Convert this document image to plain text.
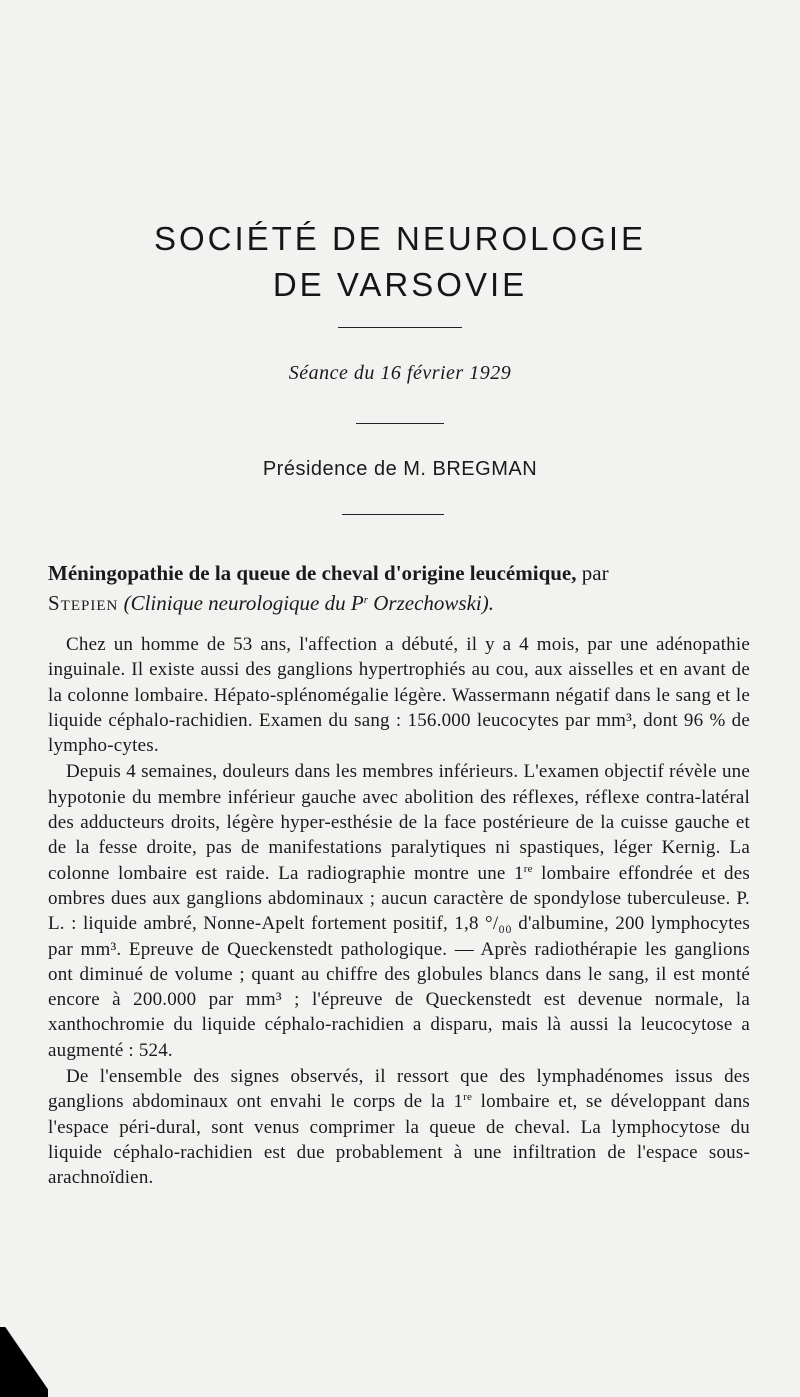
SOCIÉTÉ DE NEUROLOGIE
DE VARSOVIE
Séance du 16 février 1929
Présidence de M. BREGMAN
Méningopathie de la queue de cheval d'origine leucémique, par
Stepien (Clinique neurologique du $P^r$ Orzechowski).

Chez un homme de 53 ans, l'affection a débuté, il y a 4 mois, par une adénopathie inguinale. Il existe aussi des ganglions hypertrophiés au cou, aux aisselles et en avant de la colonne lombaire. Hépato-splénomégalie légère. Wassermann négatif dans le sang et le liquide céphalo-rachidien. Examen du sang : 156.000 leucocytes par mm³, dont 96 % de lympho-cytes.

Depuis 4 semaines, douleurs dans les membres inférieurs. L'examen objectif révèle une hypotonie du membre inférieur gauche avec abolition des réflexes, réflexe contra-latéral des adducteurs droits, légère hyper-esthésie de la face postérieure de la cuisse gauche et de la fesse droite, pas de manifestations paralytiques ni spastiques, léger Kernig. La colonne lombaire est raide. La radiographie montre une 1re lombaire effondrée et des ombres dues aux ganglions abdominaux ; aucun caractère de spondylose tuberculeuse. P. L. : liquide ambré, Nonne-Apelt fortement positif, 1,8 °/₀₀ d'albumine, 200 lymphocytes par mm³. Epreuve de Queckenstedt pathologique. — Après radiothérapie les ganglions ont diminué de volume ; quant au chiffre des globules blancs dans le sang, il est monté encore à 200.000 par mm³ ; l'épreuve de Queckenstedt est devenue normale, la xanthochromie du liquide céphalo-rachidien a disparu, mais là aussi la leucocytose a augmenté : 524.

De l'ensemble des signes observés, il ressort que des lymphadénomes issus des ganglions abdominaux ont envahi le corps de la 1re lombaire et, se développant dans l'espace péri-dural, sont venus comprimer la queue de cheval. La lymphocytose du liquide céphalo-rachidien est due probablement à une infiltration de l'espace sous-arachnoïdien.
